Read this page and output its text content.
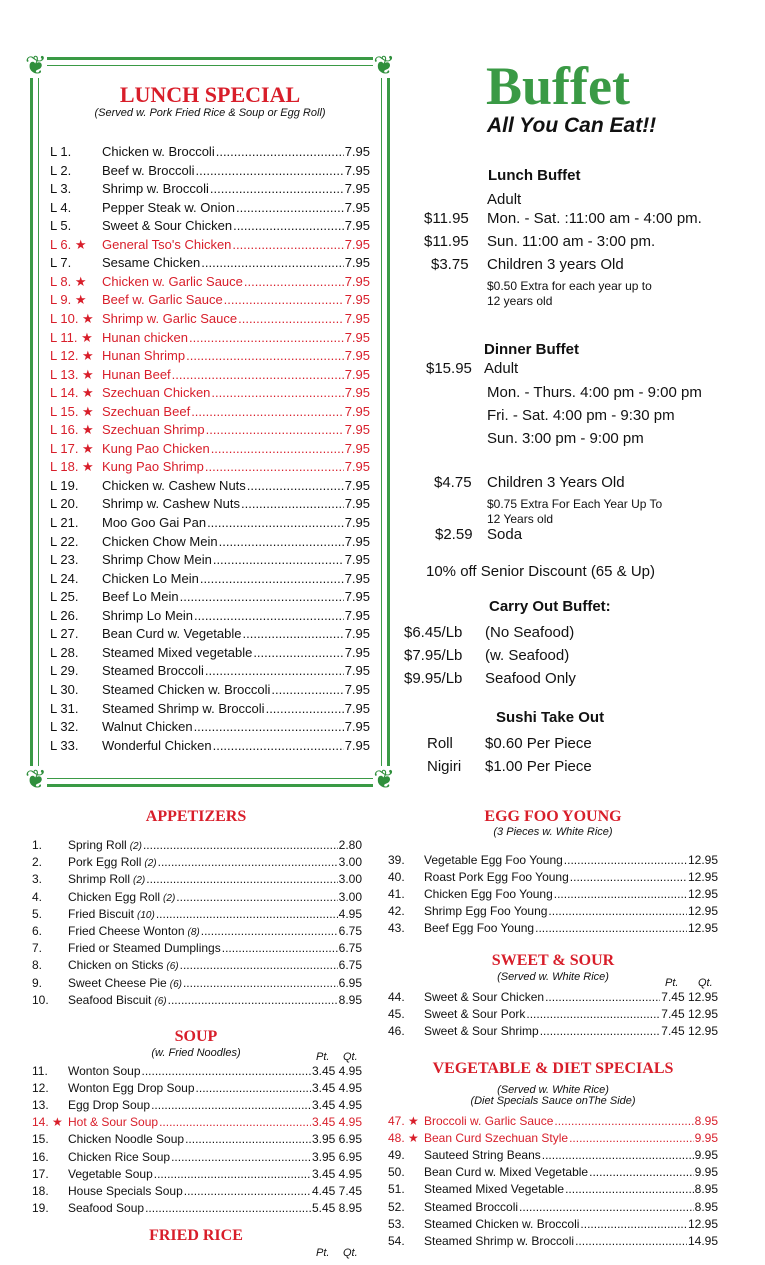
❦	❦
❦	❦
LUNCH SPECIAL
(Served w. Pork Fried Rice & Soup or Egg Roll)
L 1.	Chicken w. Broccoli .....	7.95
L 2.	Beef w. Broccoli .....	7.95
L 3.	Shrimp w. Broccoli .....	7.95
L 4.	Pepper Steak w. Onion .....	7.95
L 5.	Sweet & Sour Chicken .....	7.95
L 6. ★	General Tso's Chicken .....	7.95
L 7.	Sesame Chicken .....	7.95
L 8. ★	Chicken w. Garlic Sauce .....	7.95
L 9. ★	Beef w. Garlic Sauce .....	7.95
L 10. ★ Shrimp w. Garlic Sauce .....	7.95
L 11. ★ Hunan chicken .....	7.95
L 12. ★ Hunan Shrimp .....	7.95
L 13. ★ Hunan Beef .....	7.95
L 14. ★ Szechuan Chicken .....	7.95
L 15. ★ Szechuan Beef .....	7.95
L 16. ★ Szechuan Shrimp .....	7.95
L 17. ★ Kung Pao Chicken .....	7.95
L 18. ★ Kung Pao Shrimp .....	7.95
L 19.	Chicken w. Cashew Nuts .....	7.95
L 20.	Shrimp w. Cashew Nuts .....	7.95
L 21.	Moo Goo Gai Pan .....	7.95
L 22.	Chicken Chow Mein .....	7.95
L 23.	Shrimp Chow Mein .....	7.95
L 24.	Chicken Lo Mein .....	7.95
L 25.	Beef Lo Mein .....	7.95
L 26.	Shrimp Lo Mein .....	7.95
L 27.	Bean Curd w. Vegetable .....	7.95
L 28.	Steamed Mixed vegetable .....	7.95
L 29.	Steamed Broccoli .....	7.95
L 30.	Steamed Chicken w. Broccoli .....	7.95
L 31.	Steamed Shrimp w. Broccoli .....	7.95
L 32.	Walnut Chicken .....	7.95
L 33.	Wonderful Chicken .....	7.95
Buffet
All You Can Eat!!
Lunch Buffet
Adult
$11.95 Mon. - Sat. :11:00 am - 4:00 pm.
$11.95 Sun. 11:00 am - 3:00 pm.
$3.75 Children 3 years Old
$0.50 Extra for each year up to
12 years old
Dinner Buffet
$15.95 Adult
Mon. - Thurs. 4:00 pm - 9:00 pm
Fri. - Sat. 4:00 pm - 9:30 pm
Sun. 3:00 pm - 9:00 pm
$4.75 Children 3 Years Old
$0.75 Extra For Each Year Up To
12 Years old
$2.59 Soda
10% off Senior Discount (65 & Up)
Carry Out Buffet:
$6.45/Lb (No Seafood)
$7.95/Lb (w. Seafood)
$9.95/Lb Seafood Only
Sushi Take Out
Roll $0.60 Per Piece
Nigiri $1.00 Per Piece
APPETIZERS
1.	Spring Roll (2) .....	2.80
2.	Pork Egg Roll (2) .....	3.00
3.	Shrimp Roll (2) .....	3.00
4.	Chicken Egg Roll (2) .....	3.00
5.	Fried Biscuit (10) .....	4.95
6.	Fried Cheese Wonton (8) .....	6.75
7.	Fried or Steamed Dumplings .....	6.75
8.	Chicken on Sticks (6) .....	6.75
9.	Sweet Cheese Pie (6) .....	6.95
10.	Seafood Biscuit (6) .....	8.95
SOUP
(w. Fried Noodles)	Pt. Qt.
11.	Wonton Soup .....	3.45 4.95
12.	Wonton Egg Drop Soup .....	3.45 4.95
13.	Egg Drop Soup .....	3.45 4.95
14. ★ Hot & Sour Soup .....	3.45 4.95
15.	Chicken Noodle Soup .....	3.95 6.95
16.	Chicken Rice Soup .....	3.95 6.95
17.	Vegetable Soup .....	3.45 4.95
18.	House Specials Soup .....	4.45 7.45
19.	Seafood Soup .....	5.45 8.95
FRIED RICE
Pt. Qt.
EGG FOO YOUNG
(3 Pieces w. White Rice)
39.	Vegetable Egg Foo Young .....	12.95
40.	Roast Pork Egg Foo Young .....	12.95
41.	Chicken Egg Foo Young .....	12.95
42.	Shrimp Egg Foo Young .....	12.95
43.	Beef Egg Foo Young .....	12.95
SWEET & SOUR
(Served w. White Rice)	Pt. Qt.
44.	Sweet & Sour Chicken .....	7.45 12.95
45.	Sweet & Sour Pork .....	7.45 12.95
46.	Sweet & Sour Shrimp .....	7.45 12.95
VEGETABLE & DIET SPECIALS
(Served w. White Rice)
(Diet Specials Sauce onThe Side)
47. ★ Broccoli w. Garlic Sauce .....	8.95
48. ★ Bean Curd Szechuan Style .....	9.95
49.	Sauteed String Beans .....	9.95
50.	Bean Curd w. Mixed Vegetable .....	9.95
51.	Steamed Mixed Vegetable .....	8.95
52.	Steamed Broccoli .....	8.95
53.	Steamed Chicken w. Broccoli .....	12.95
54.	Steamed Shrimp w. Broccoli .....	14.95
